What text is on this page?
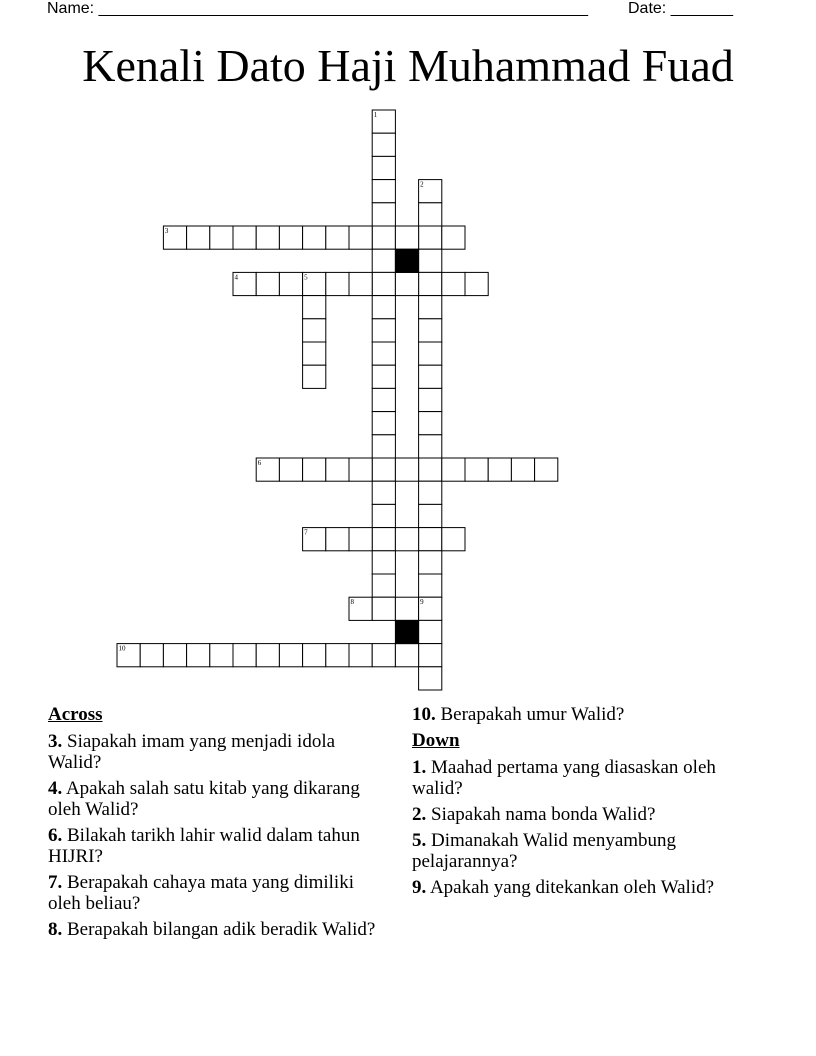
Name: _______________________________________________________	Date: _______
Kenali Dato Haji Muhammad Fuad
1
2
3
4	5
6
7
8	9
10
Across
3. Siapakah imam yang menjadi idola Walid?
4. Apakah salah satu kitab yang dikarang oleh Walid?
6. Bilakah tarikh lahir walid dalam tahun HIJRI?
7. Berapakah cahaya mata yang dimiliki oleh beliau?
8. Berapakah bilangan adik beradik Walid?
10. Berapakah umur Walid?
Down
1. Maahad pertama yang diasaskan oleh walid?
2. Siapakah nama bonda Walid?
5. Dimanakah Walid menyambung pelajarannya?
9. Apakah yang ditekankan oleh Walid?
